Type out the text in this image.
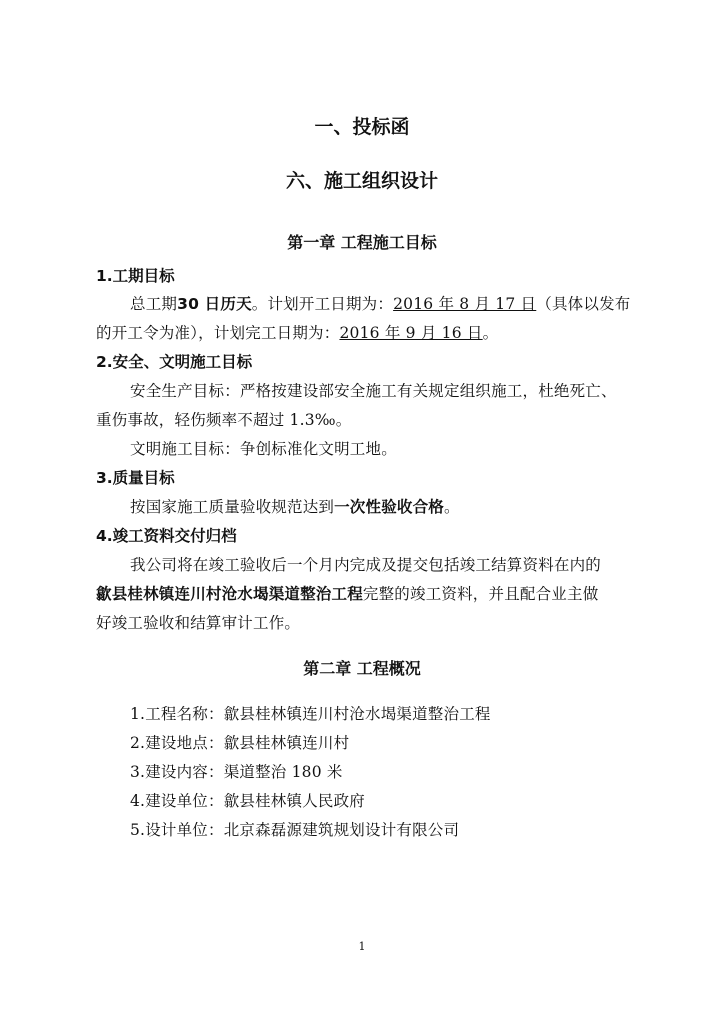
一、投标函
六、施工组织设计
第一章 工程施工目标
1.工期目标
总工期30 日历天。计划开工日期为：2016 年 8 月 17 日（具体以发布
的开工令为准），计划完工日期为：2016 年 9 月 16 日。
2.安全、文明施工目标
安全生产目标：严格按建设部安全施工有关规定组织施工，杜绝死亡、
重伤事故，轻伤频率不超过 1.3‰。
文明施工目标：争创标准化文明工地。
3.质量目标
按国家施工质量验收规范达到一次性验收合格。
4.竣工资料交付归档
我公司将在竣工验收后一个月内完成及提交包括竣工结算资料在内的
歙县桂林镇连川村沧水堨渠道整治工程完整的竣工资料，并且配合业主做
好竣工验收和结算审计工作。
第二章 工程概况
1.工程名称：歙县桂林镇连川村沧水堨渠道整治工程
2.建设地点：歙县桂林镇连川村
3.建设内容：渠道整治 180 米
4.建设单位：歙县桂林镇人民政府
5.设计单位：北京森磊源建筑规划设计有限公司
1
